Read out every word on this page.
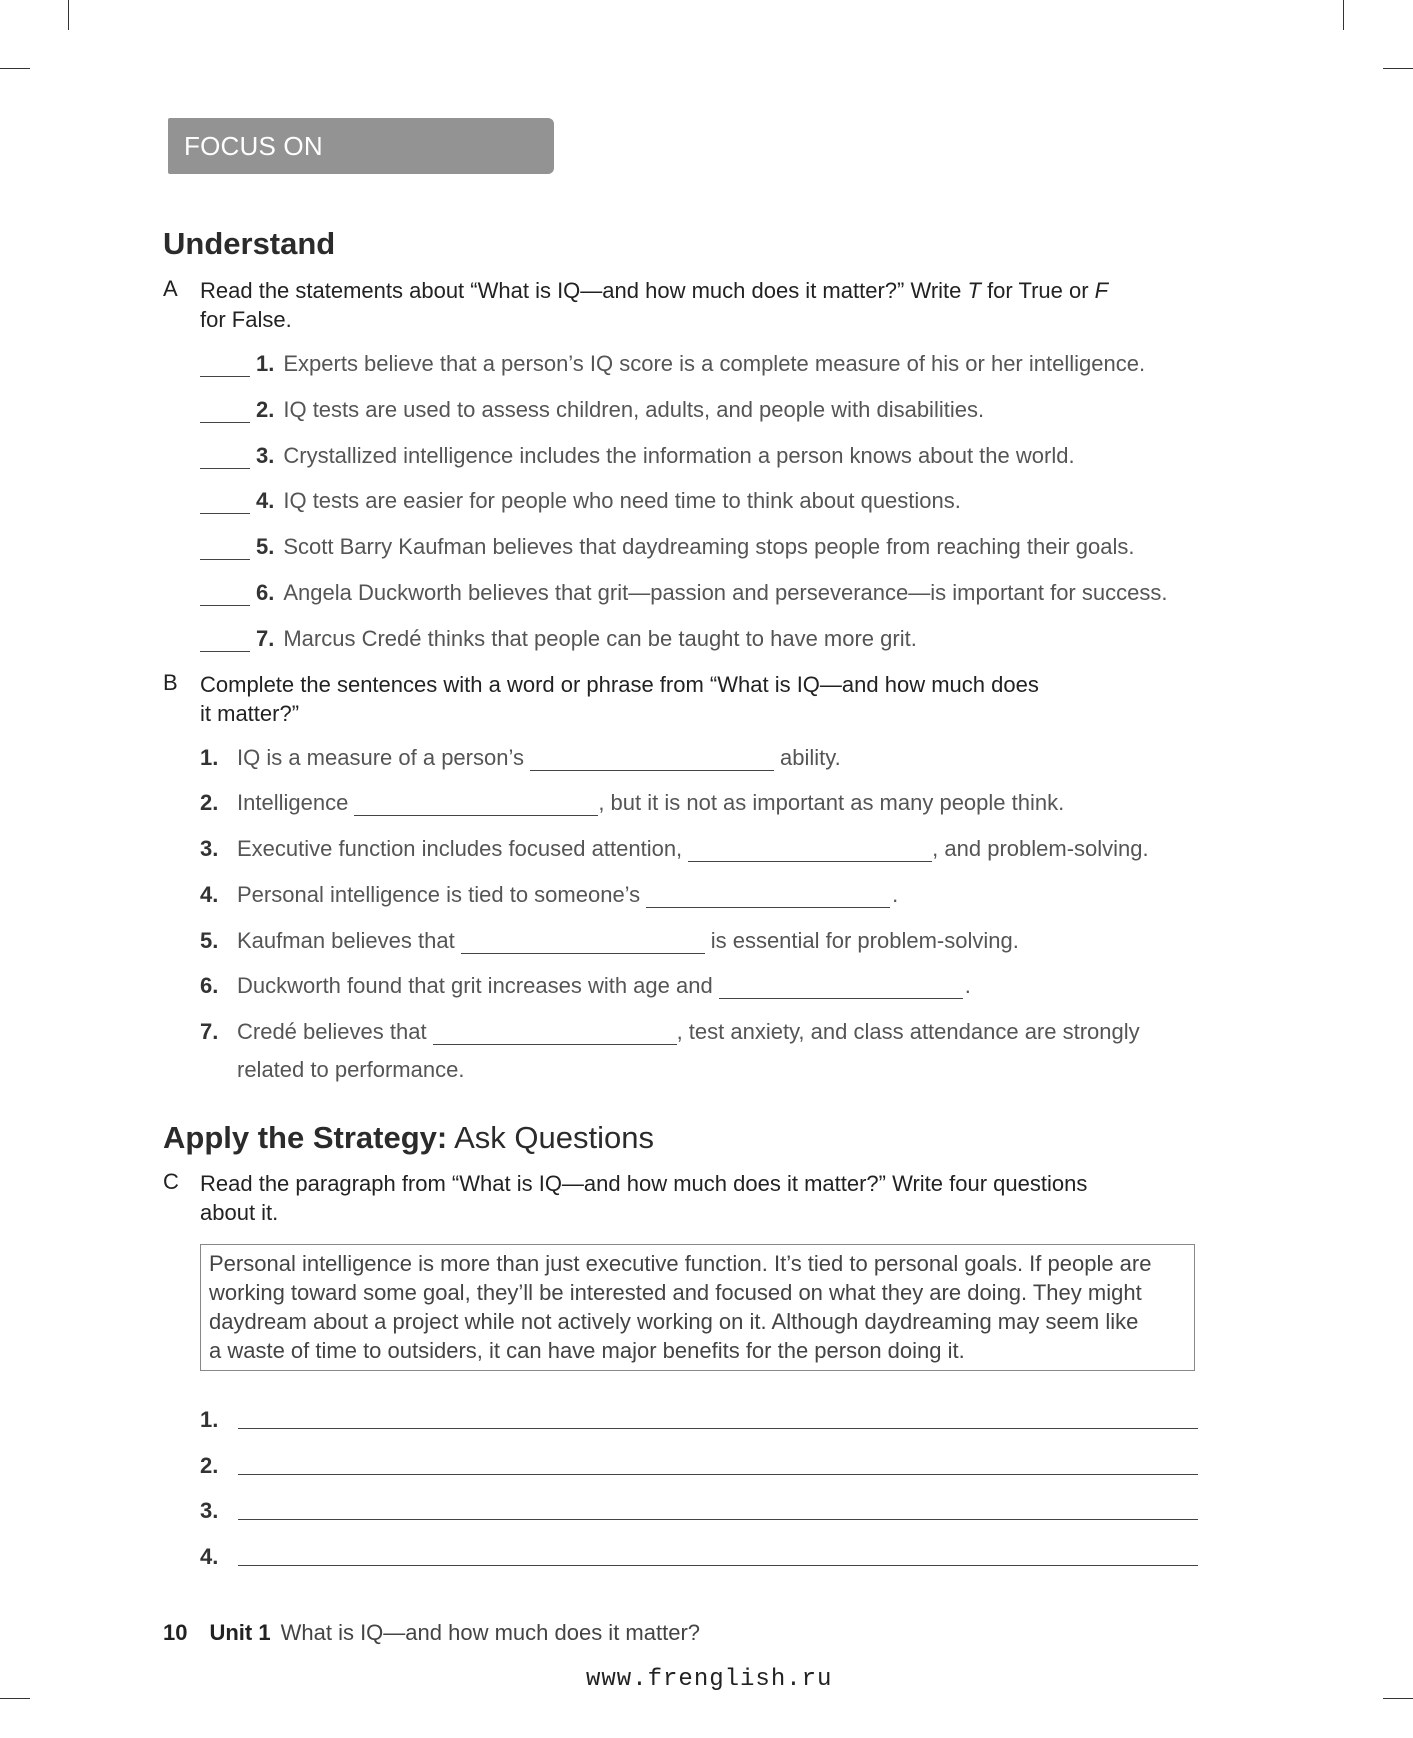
FOCUS ON UNDERSTANDING
Understand
A Read the statements about “What is IQ—and how much does it matter?” Write T for True or F
for False.
1. Experts believe that a person’s IQ score is a complete measure of his or her intelligence.
2. IQ tests are used to assess children, adults, and people with disabilities.
3. Crystallized intelligence includes the information a person knows about the world.
4. IQ tests are easier for people who need time to think about questions.
5. Scott Barry Kaufman believes that daydreaming stops people from reaching their goals.
6. Angela Duckworth believes that grit—passion and perseverance—is important for success.
7. Marcus Credé thinks that people can be taught to have more grit.
B Complete the sentences with a word or phrase from “What is IQ—and how much does
it matter?”
1. IQ is a measure of a person’s	ability.
2. Intelligence	, but it is not as important as many people think.
3. Executive function includes focused attention,	, and problem-solving.
4. Personal intelligence is tied to someone’s	.
5. Kaufman believes that	is essential for problem-solving.
6. Duckworth found that grit increases with age and	.
7. Credé believes that	, test anxiety, and class attendance are strongly
related to performance.
Apply the Strategy: Ask Questions
C Read the paragraph from “What is IQ—and how much does it matter?” Write four questions
about it.
Personal intelligence is more than just executive function. It’s tied to personal goals. If people are
working toward some goal, they’ll be interested and focused on what they are doing. They might
daydream about a project while not actively working on it. Although daydreaming may seem like
a waste of time to outsiders, it can have major benefits for the person doing it.
1.
2.
3.
4.
10 Unit 1 What is IQ—and how much does it matter?
www.frenglish.ru
